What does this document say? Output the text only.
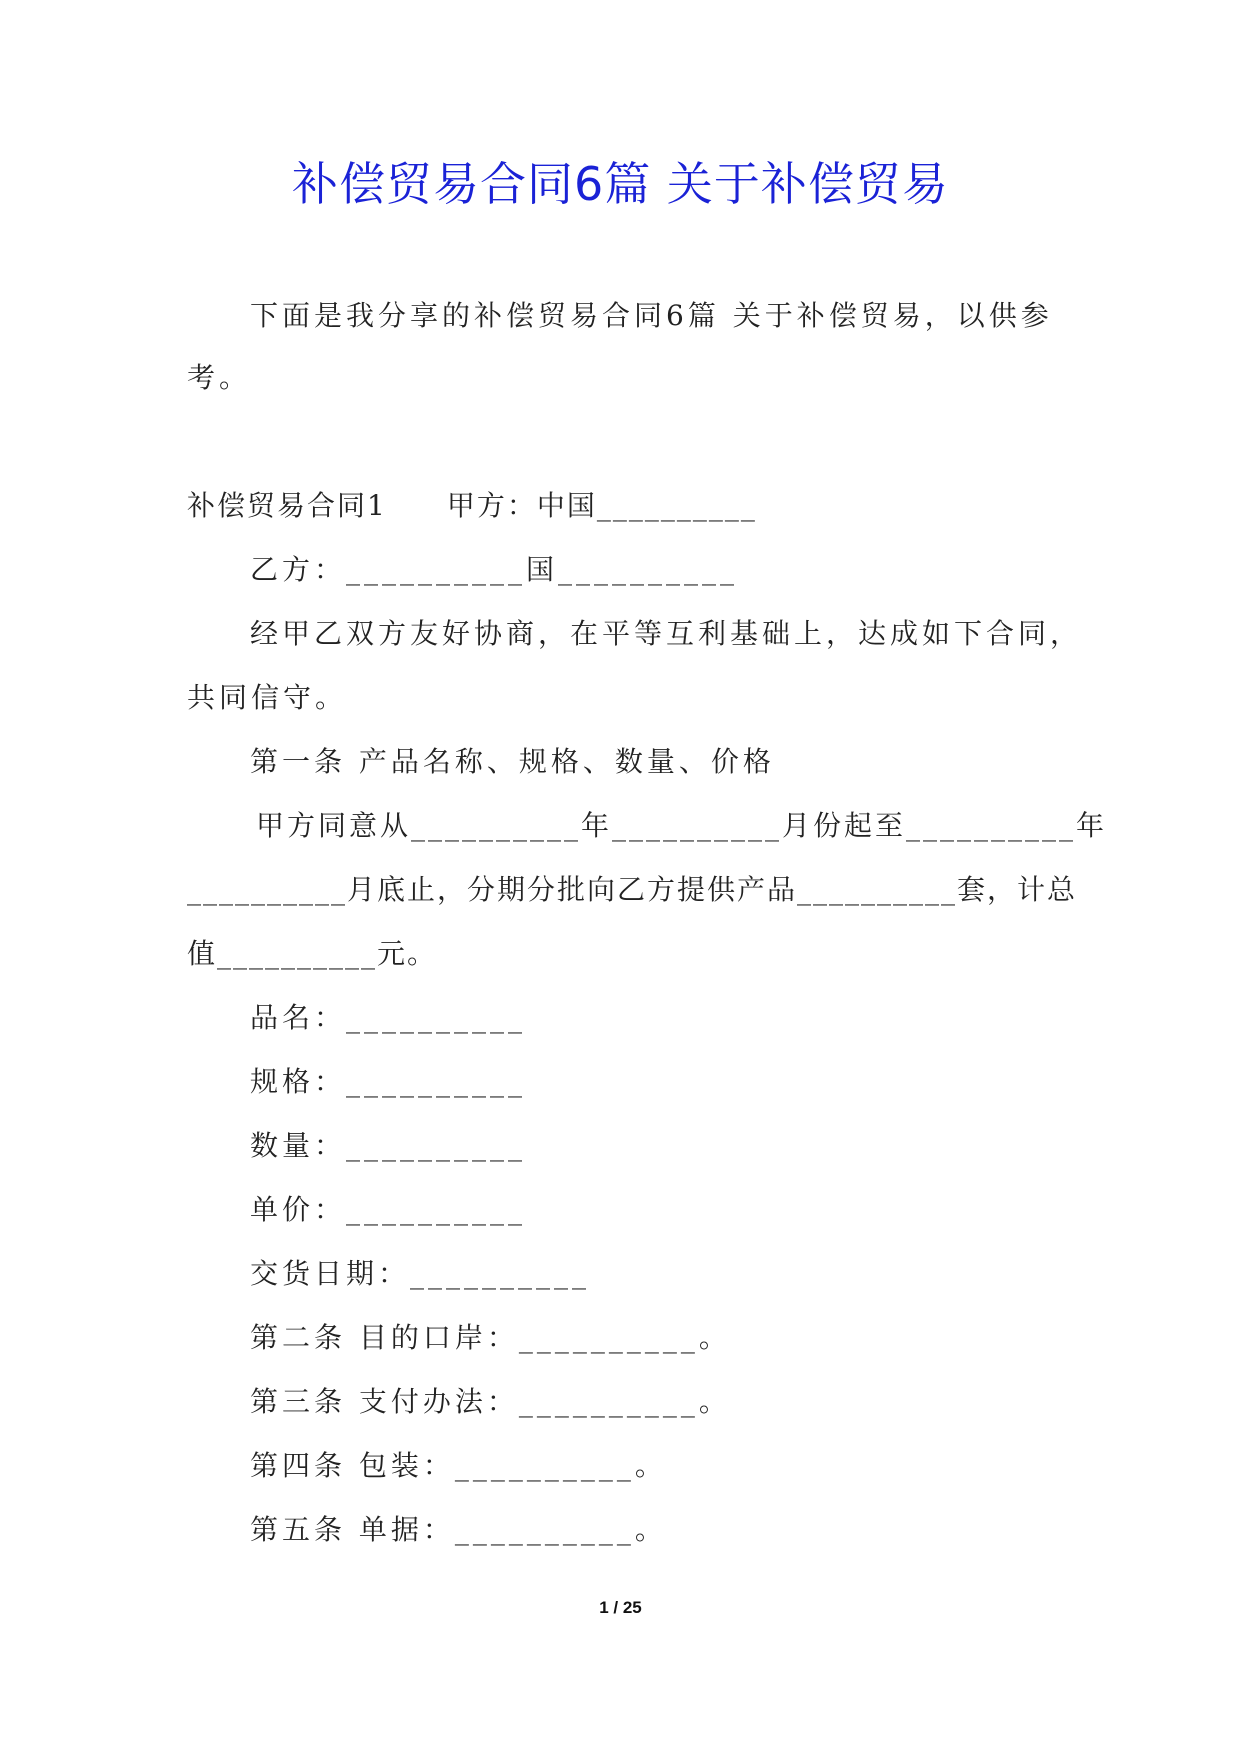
补偿贸易合同6篇 关于补偿贸易
下面是我分享的补偿贸易合同6篇 关于补偿贸易，以供参
考。
补偿贸易合同1　　甲方：中国__________
乙方：__________国__________
经甲乙双方友好协商，在平等互利基础上，达成如下合同，
共同信守。
第一条 产品名称、规格、数量、价格
甲方同意从__________年__________月份起至__________年
__________月底止，分期分批向乙方提供产品__________套，计总
值__________元。
品名：__________
规格：__________
数量：__________
单价：__________
交货日期：__________
第二条 目的口岸：__________。
第三条 支付办法：__________。
第四条 包装：__________。
第五条 单据：__________。
1 / 25
